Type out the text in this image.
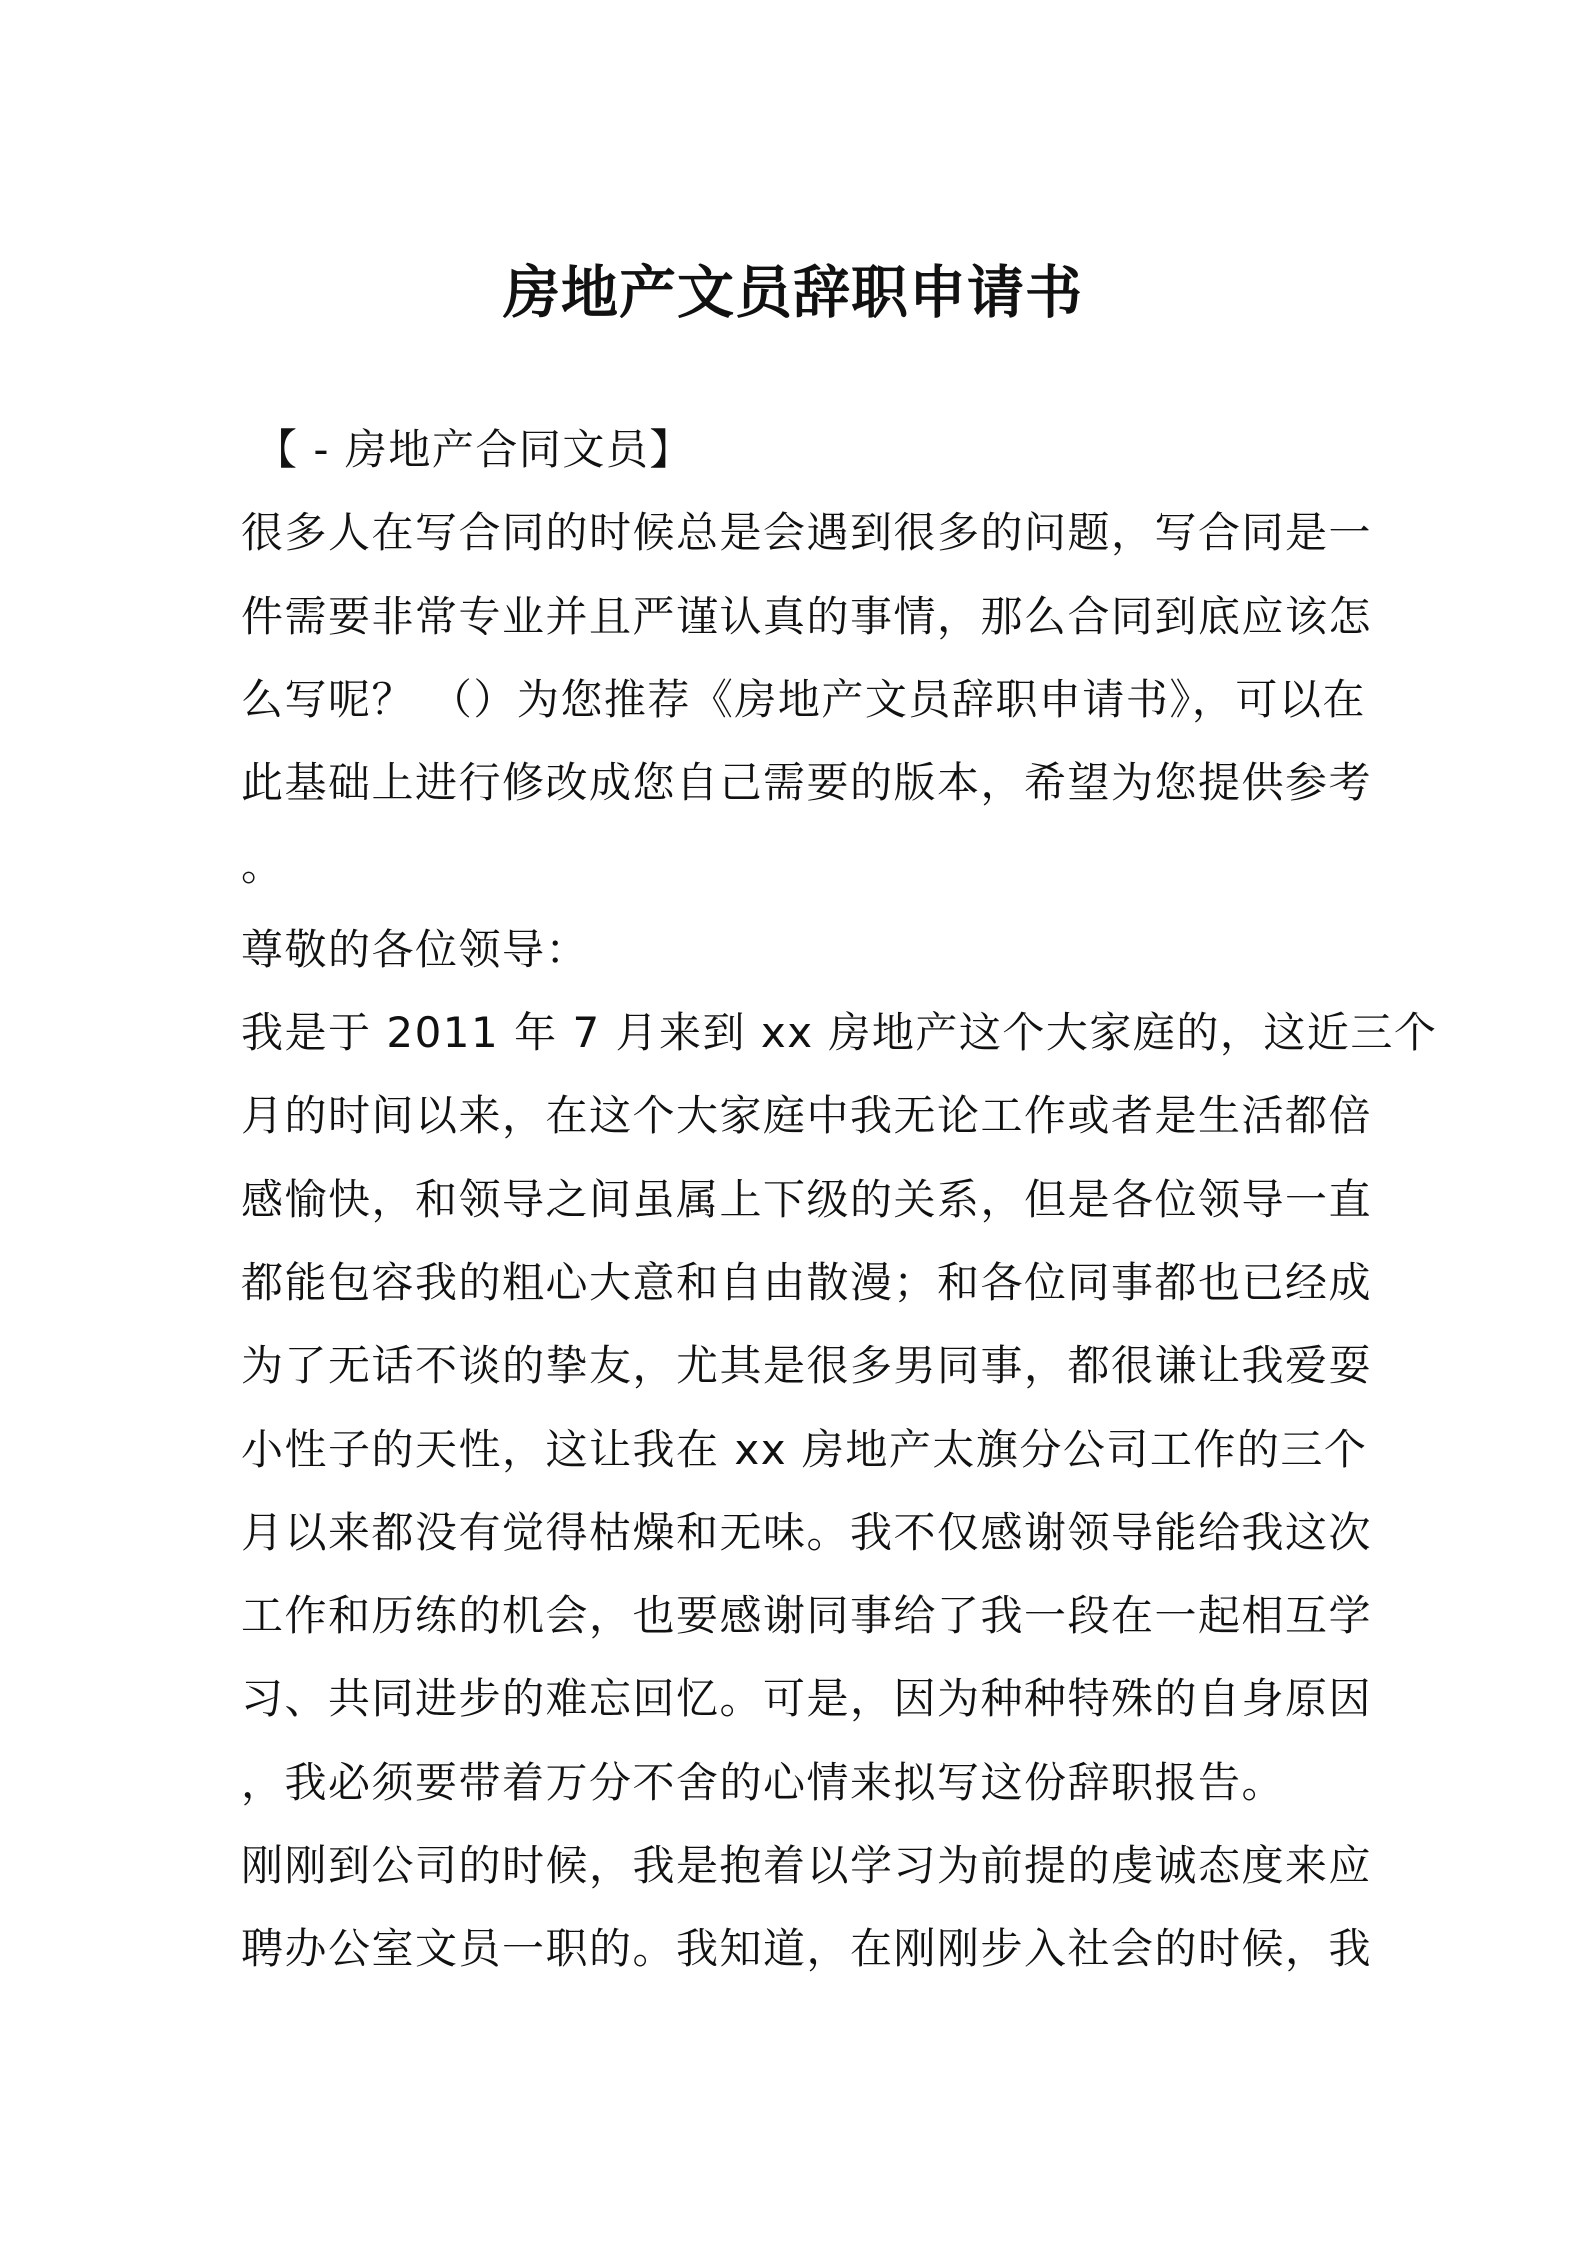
房地产文员辞职申请书
【 - 房地产合同文员】
很多人在写合同的时候总是会遇到很多的问题，写合同是一
件需要非常专业并且严谨认真的事情，那么合同到底应该怎
么写呢？ （）为您推荐《房地产文员辞职申请书》，可以在
此基础上进行修改成您自己需要的版本，希望为您提供参考
。
尊敬的各位领导：
我是于 2011 年 7 月来到 xx 房地产这个大家庭的，这近三个
月的时间以来，在这个大家庭中我无论工作或者是生活都倍
感愉快，和领导之间虽属上下级的关系，但是各位领导一直
都能包容我的粗心大意和自由散漫；和各位同事都也已经成
为了无话不谈的挚友，尤其是很多男同事，都很谦让我爱耍
小性子的天性，这让我在 xx 房地产太旗分公司工作的三个
月以来都没有觉得枯燥和无味。我不仅感谢领导能给我这次
工作和历练的机会，也要感谢同事给了我一段在一起相互学
习、共同进步的难忘回忆。可是，因为种种特殊的自身原因
，我必须要带着万分不舍的心情来拟写这份辞职报告。
刚刚到公司的时候，我是抱着以学习为前提的虔诚态度来应
聘办公室文员一职的。我知道，在刚刚步入社会的时候，我
